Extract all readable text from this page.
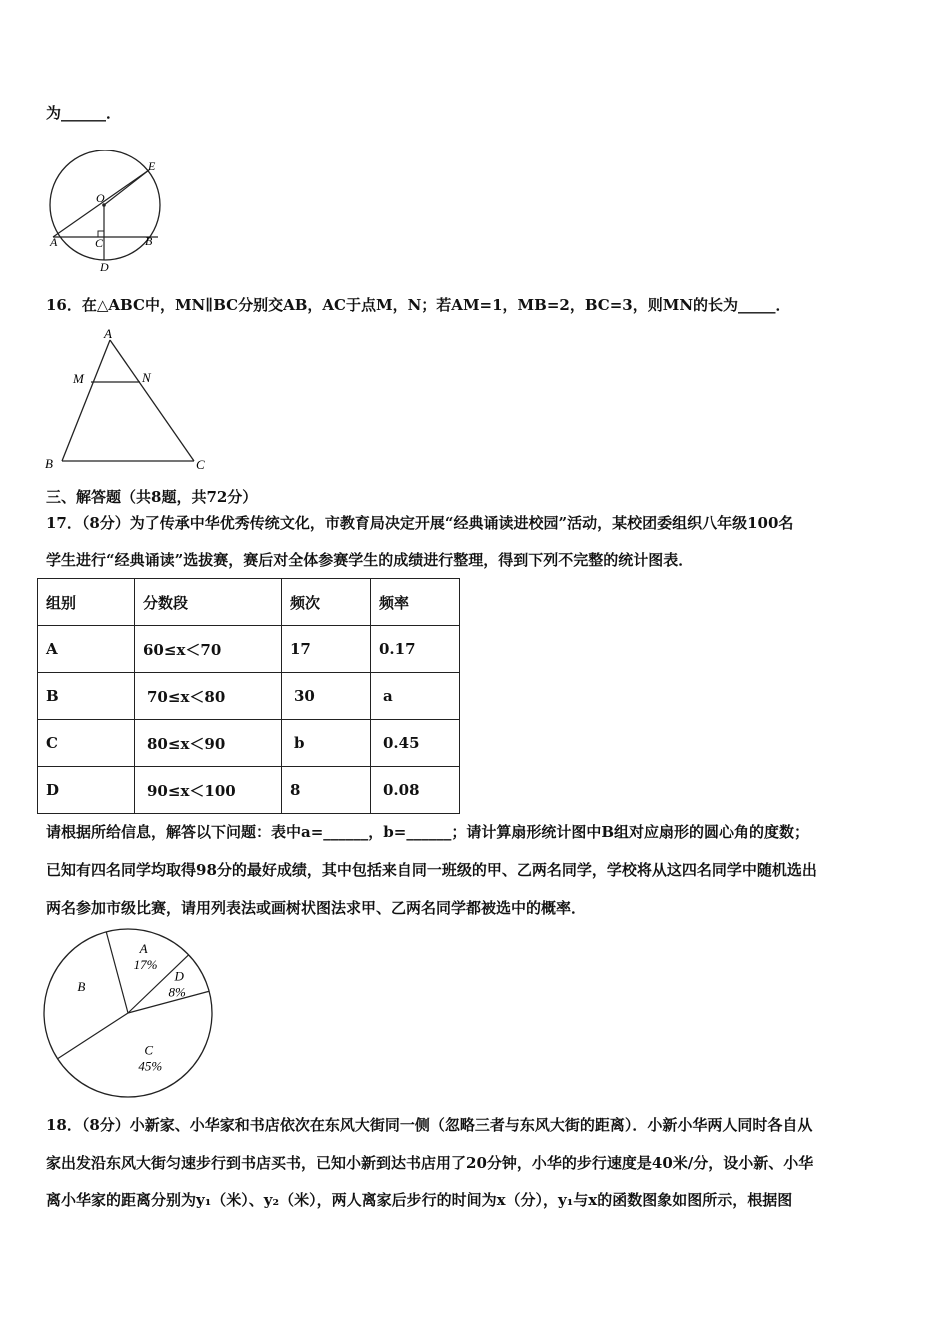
为______．
E
O
A	C	B
D
16．在△ABC中，MN∥BC分别交AB，AC于点M，N；若AM=1，MB=2，BC=3，则MN的长为_____．
A
M	N
B	C
三、解答题（共8题，共72分）
17．（8分）为了传承中华优秀传统文化，市教育局决定开展“经典诵读进校园”活动，某校团委组织八年级100名
学生进行“经典诵读”选拔赛，赛后对全体参赛学生的成绩进行整理，得到下列不完整的统计图表．
组别	分数段	频次	频率
A	60≤x＜70	17	0.17
B	70≤x＜80	30	a
C	80≤x＜90	b	0.45
D	90≤x＜100	8	0.08
请根据所给信息，解答以下问题：表中a=______，b=______；请计算扇形统计图中B组对应扇形的圆心角的度数；
已知有四名同学均取得98分的最好成绩，其中包括来自同一班级的甲、乙两名同学，学校将从这四名同学中随机选出
两名参加市级比赛，请用列表法或画树状图法求甲、乙两名同学都被选中的概率．
A
17%
D
8%
C
45%
B
18．（8分）小新家、小华家和书店依次在东风大街同一侧（忽略三者与东风大街的距离）．小新小华两人同时各自从
家出发沿东风大街匀速步行到书店买书，已知小新到达书店用了20分钟，小华的步行速度是40米/分，设小新、小华
离小华家的距离分别为y₁（米）、y₂（米），两人离家后步行的时间为x（分），y₁与x的函数图象如图所示，根据图
